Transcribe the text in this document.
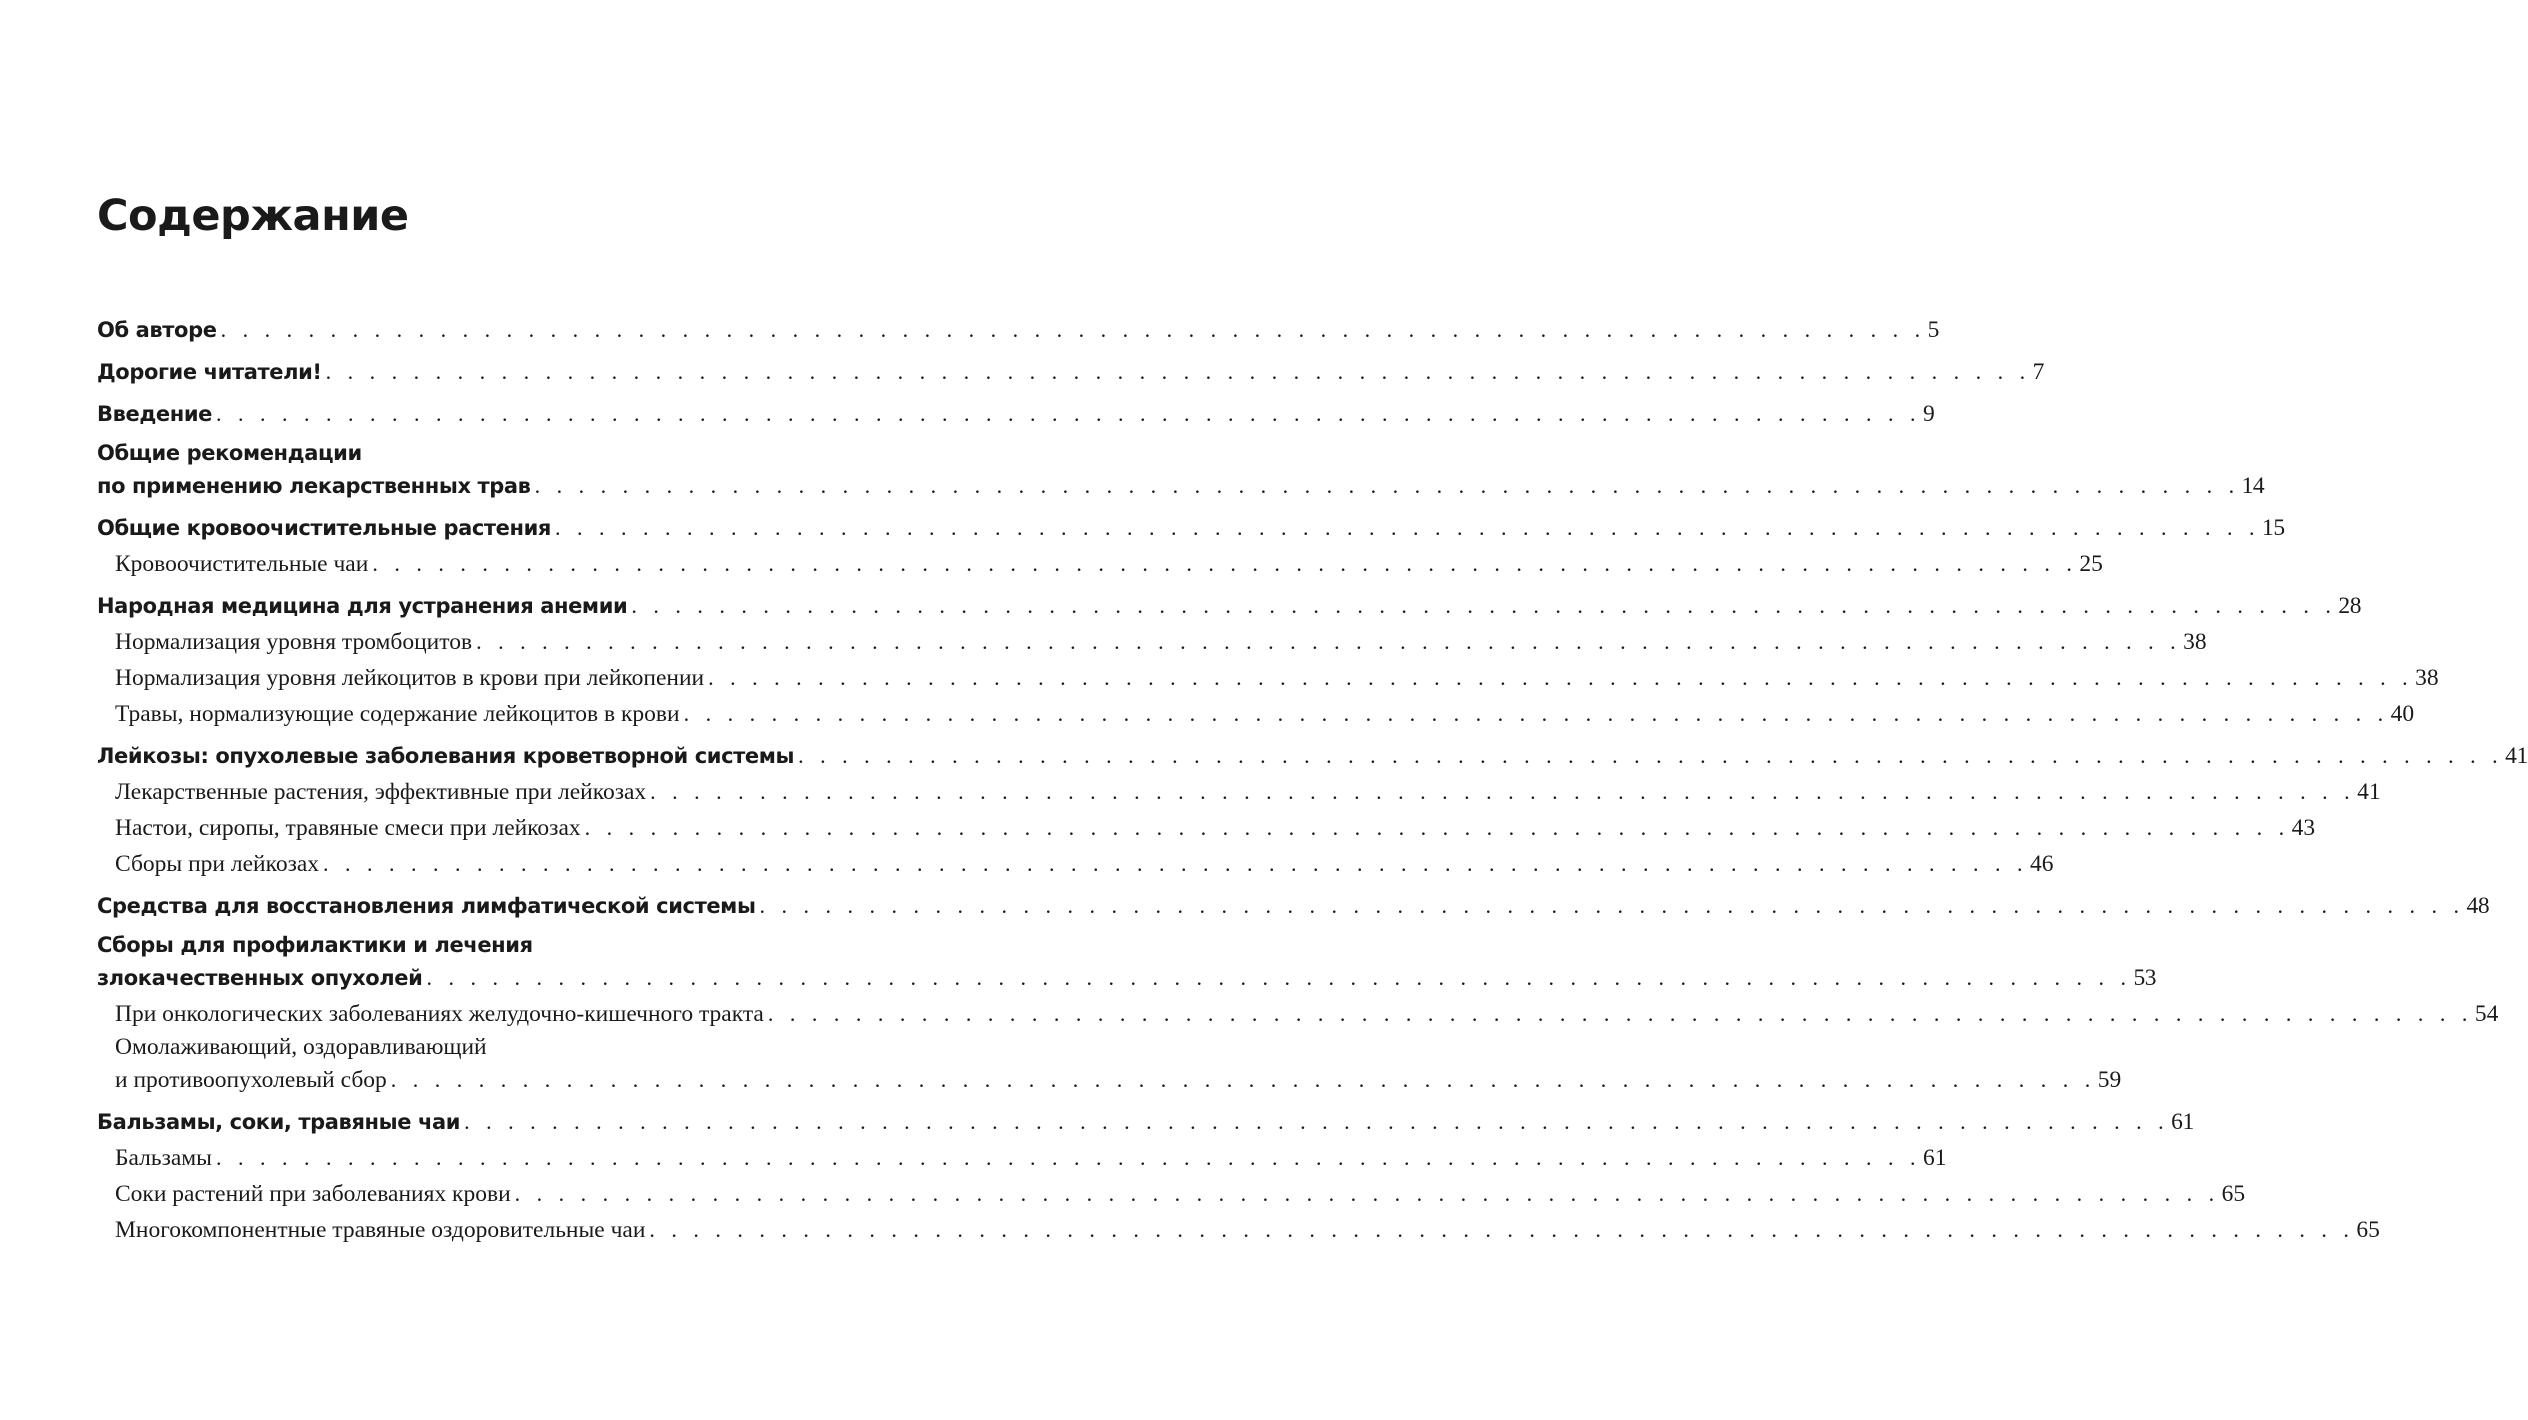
Содержание
Об авторе . . . . . . . . . . . . . . . . . . . . . . . . . . . . . . . . . . . . . . . . . . . . . . . . . . . . . . . . . . . . . . . . . . . . . . . . . . . . . . 5
Дорогие читатели! . . . . . . . . . . . . . . . . . . . . . . . . . . . . . . . . . . . . . . . . . . . . . . . . . . . . . . . . . . . . . . . . . . . . . . . . . . . . . . 7
Введение . . . . . . . . . . . . . . . . . . . . . . . . . . . . . . . . . . . . . . . . . . . . . . . . . . . . . . . . . . . . . . . . . . . . . . . . . . . . . . 9
Общие рекомендации
по применению лекарственных трав . . . . . . . . . . . . . . . . . . . . . . . . . . . . . . . . . . . . . . . . . . . . . . . . . . . . . . . . . . . . . . . . . . . . . . . . . . . . . . 14
Общие кровоочистительные растения . . . . . . . . . . . . . . . . . . . . . . . . . . . . . . . . . . . . . . . . . . . . . . . . . . . . . . . . . . . . . . . . . . . . . . . . . . . . . . 15
Кровоочистительные чаи . . . . . . . . . . . . . . . . . . . . . . . . . . . . . . . . . . . . . . . . . . . . . . . . . . . . . . . . . . . . . . . . . . . . . . . . . . . . . . 25
Народная медицина для устранения анемии . . . . . . . . . . . . . . . . . . . . . . . . . . . . . . . . . . . . . . . . . . . . . . . . . . . . . . . . . . . . . . . . . . . . . . . . . . . . . . 28
Нормализация уровня тромбоцитов . . . . . . . . . . . . . . . . . . . . . . . . . . . . . . . . . . . . . . . . . . . . . . . . . . . . . . . . . . . . . . . . . . . . . . . . . . . . . . 38
Нормализация уровня лейкоцитов в крови при лейкопении . . . . . . . . . . . . . . . . . . . . . . . . . . . . . . . . . . . . . . . . . . . . . . . . . . . . . . . . . . . . . . . . . . . . . . . . . . . . . . 38
Травы, нормализующие содержание лейкоцитов в крови . . . . . . . . . . . . . . . . . . . . . . . . . . . . . . . . . . . . . . . . . . . . . . . . . . . . . . . . . . . . . . . . . . . . . . . . . . . . . . 40
Лейкозы: опухолевые заболевания кроветворной системы . . . . . . . . . . . . . . . . . . . . . . . . . . . . . . . . . . . . . . . . . . . . . . . . . . . . . . . . . . . . . . . . . . . . . . . . . . . . . . 41
Лекарственные растения, эффективные при лейкозах . . . . . . . . . . . . . . . . . . . . . . . . . . . . . . . . . . . . . . . . . . . . . . . . . . . . . . . . . . . . . . . . . . . . . . . . . . . . . . 41
Настои, сиропы, травяные смеси при лейкозах . . . . . . . . . . . . . . . . . . . . . . . . . . . . . . . . . . . . . . . . . . . . . . . . . . . . . . . . . . . . . . . . . . . . . . . . . . . . . . 43
Сборы при лейкозах . . . . . . . . . . . . . . . . . . . . . . . . . . . . . . . . . . . . . . . . . . . . . . . . . . . . . . . . . . . . . . . . . . . . . . . . . . . . . . 46
Средства для восстановления лимфатической системы . . . . . . . . . . . . . . . . . . . . . . . . . . . . . . . . . . . . . . . . . . . . . . . . . . . . . . . . . . . . . . . . . . . . . . . . . . . . . . 48
Сборы для профилактики и лечения
злокачественных опухолей . . . . . . . . . . . . . . . . . . . . . . . . . . . . . . . . . . . . . . . . . . . . . . . . . . . . . . . . . . . . . . . . . . . . . . . . . . . . . . 53
При онкологических заболеваниях желудочно-кишечного тракта . . . . . . . . . . . . . . . . . . . . . . . . . . . . . . . . . . . . . . . . . . . . . . . . . . . . . . . . . . . . . . . . . . . . . . . . . . . . . . 54
Омолаживающий, оздоравливающий
и противоопухолевый сбор . . . . . . . . . . . . . . . . . . . . . . . . . . . . . . . . . . . . . . . . . . . . . . . . . . . . . . . . . . . . . . . . . . . . . . . . . . . . . . 59
Бальзамы, соки, травяные чаи . . . . . . . . . . . . . . . . . . . . . . . . . . . . . . . . . . . . . . . . . . . . . . . . . . . . . . . . . . . . . . . . . . . . . . . . . . . . . . 61
Бальзамы . . . . . . . . . . . . . . . . . . . . . . . . . . . . . . . . . . . . . . . . . . . . . . . . . . . . . . . . . . . . . . . . . . . . . . . . . . . . . . 61
Соки растений при заболеваниях крови . . . . . . . . . . . . . . . . . . . . . . . . . . . . . . . . . . . . . . . . . . . . . . . . . . . . . . . . . . . . . . . . . . . . . . . . . . . . . . 65
Многокомпонентные травяные оздоровительные чаи . . . . . . . . . . . . . . . . . . . . . . . . . . . . . . . . . . . . . . . . . . . . . . . . . . . . . . . . . . . . . . . . . . . . . . . . . . . . . . 65
